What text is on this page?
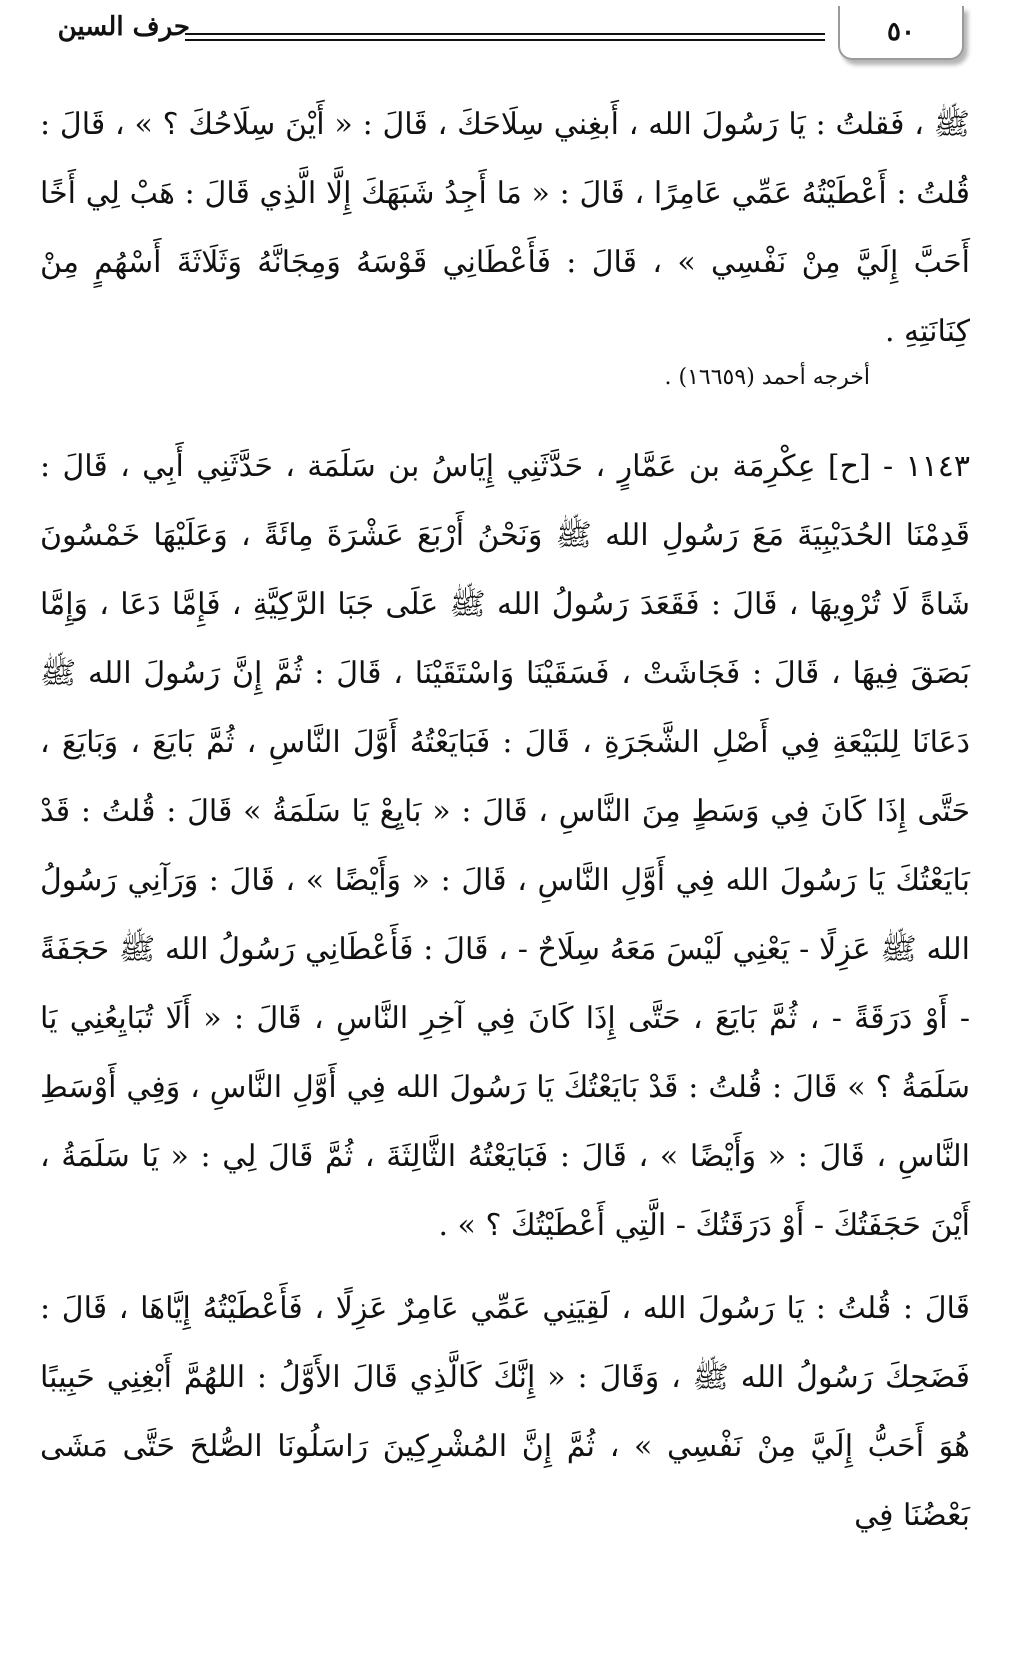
٥٠
حرف السين

ﷺ ، فَقلتُ : يَا رَسُولَ الله ، أَبغِني سِلَاحَكَ ، قَالَ : « أَيْنَ سِلَاحُكَ ؟ » ، قَالَ : قُلتُ : أَعْطَيْتُهُ عَمِّي عَامِرًا ، قَالَ : « مَا أَجِدُ شَبَهَكَ إِلَّا الَّذِي قَالَ : هَبْ لِي أَخًا أَحَبَّ إِلَيَّ مِنْ نَفْسِي » ، قَالَ : فَأَعْطَانِي قَوْسَهُ وَمِجَانَّهُ وَثَلَاثَةَ أَسْهُمٍ مِنْ كِنَانَتِهِ .

أخرجه أحمد (١٦٦٥٩) .

١١٤٣ - [ح] عِكْرِمَة بن عَمَّارٍ ، حَدَّثَنِي إِيَاسُ بن سَلَمَة ، حَدَّثَنِي أَبِي ، قَالَ : قَدِمْنَا الحُدَيْبِيَةَ مَعَ رَسُولِ الله ﷺ وَنَحْنُ أَرْبَعَ عَشْرَةَ مِائَةً ، وَعَلَيْهَا خَمْسُونَ شَاةً لَا تُرْوِيهَا ، قَالَ : فَقَعَدَ رَسُولُ الله ﷺ عَلَى جَبَا الرَّكِيَّةِ ، فَإِمَّا دَعَا ، وَإِمَّا بَصَقَ فِيهَا ، قَالَ : فَجَاشَتْ ، فَسَقَيْنَا وَاسْتَقَيْنَا ، قَالَ : ثُمَّ إِنَّ رَسُولَ الله ﷺ دَعَانَا لِلبَيْعَةِ فِي أَصْلِ الشَّجَرَةِ ، قَالَ : فَبَايَعْتُهُ أَوَّلَ النَّاسِ ، ثُمَّ بَايَعَ ، وَبَايَعَ ، حَتَّى إِذَا كَانَ فِي وَسَطٍ مِنَ النَّاسِ ، قَالَ : « بَايِعْ يَا سَلَمَةُ » قَالَ : قُلتُ : قَدْ بَايَعْتُكَ يَا رَسُولَ الله فِي أَوَّلِ النَّاسِ ، قَالَ : « وَأَيْضًا » ، قَالَ : وَرَآنِي رَسُولُ الله ﷺ عَزِلًا - يَعْنِي لَيْسَ مَعَهُ سِلَاحٌ - ، قَالَ : فَأَعْطَانِي رَسُولُ الله ﷺ حَجَفَةً - أَوْ دَرَقَةً - ، ثُمَّ بَايَعَ ، حَتَّى إِذَا كَانَ فِي آخِرِ النَّاسِ ، قَالَ : « أَلَا تُبَايِعُنِي يَا سَلَمَةُ ؟ » قَالَ : قُلتُ : قَدْ بَايَعْتُكَ يَا رَسُولَ الله فِي أَوَّلِ النَّاسِ ، وَفِي أَوْسَطِ النَّاسِ ، قَالَ : « وَأَيْضًا » ، قَالَ : فَبَايَعْتُهُ الثَّالِثَةَ ، ثُمَّ قَالَ لِي : « يَا سَلَمَةُ ، أَيْنَ حَجَفَتُكَ - أَوْ دَرَقَتُكَ - الَّتِي أَعْطَيْتُكَ ؟ » .

قَالَ : قُلتُ : يَا رَسُولَ الله ، لَقِيَنِي عَمِّي عَامِرٌ عَزِلًا ، فَأَعْطَيْتُهُ إِيَّاهَا ، قَالَ : فَضَحِكَ رَسُولُ الله ﷺ ، وَقَالَ : « إِنَّكَ كَالَّذِي قَالَ الأَوَّلُ : اللهُمَّ أَبْغِنِي حَبِيبًا هُوَ أَحَبُّ إِلَيَّ مِنْ نَفْسِي » ، ثُمَّ إِنَّ المُشْرِكِينَ رَاسَلُونَا الصُّلحَ حَتَّى مَشَى بَعْضُنَا فِي
